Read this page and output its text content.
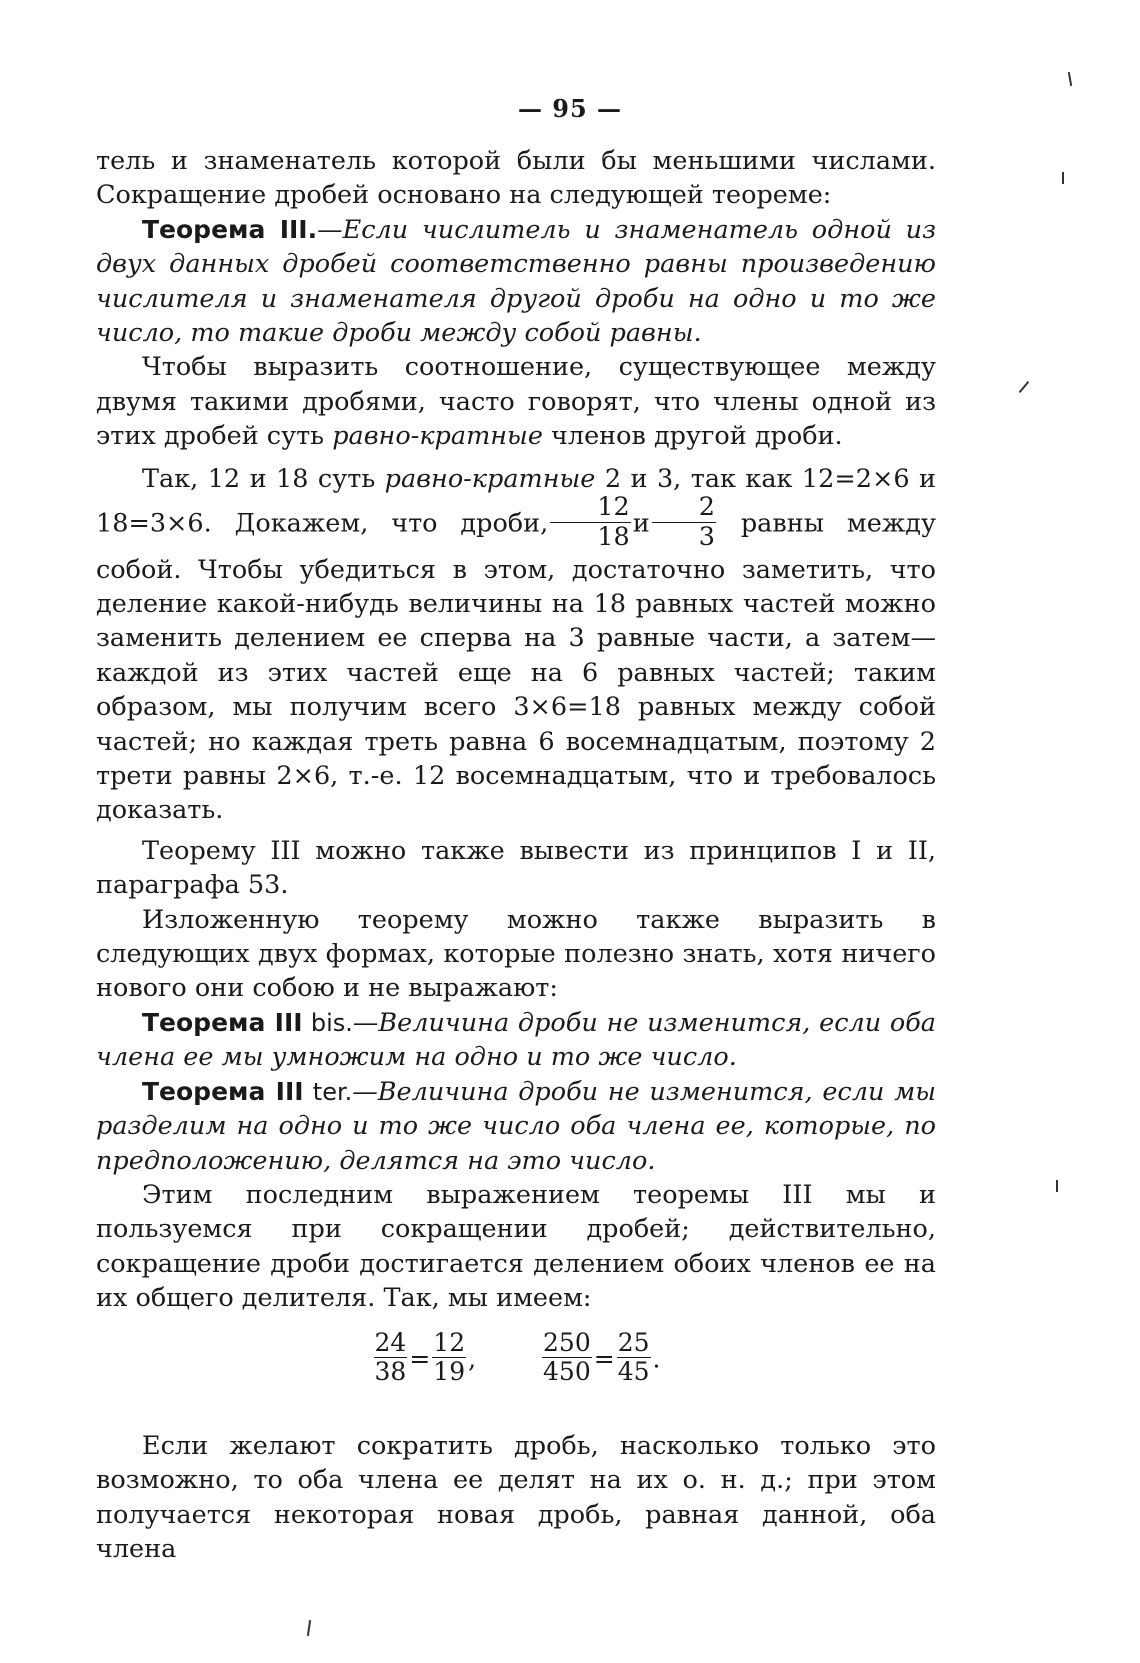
— 95 —

тель и знаменатель которой были бы меньшими числами. Сокращение дробей основано на следующей теореме:

Теорема III.—Если числитель и знаменатель одной из двух данных дробей соответственно равны произведению числителя и знаменателя другой дроби на одно и то же число, то такие дроби между собой равны.

Чтобы выразить соотношение, существующее между двумя такими дробями, часто говорят, что члены одной из этих дробей суть равно-кратные членов другой дроби.

Так, 12 и 18 суть равно-кратные 2 и 3, так как 12=2×6 и 18=3×6. Докажем, что дроби, $\frac{12}{18}$ и $\frac{2}{3}$ равны между собой. Чтобы убедиться в этом, достаточно заметить, что деление какой-нибудь величины на 18 равных частей можно заменить делением ее сперва на 3 равные части, а затем— каждой из этих частей еще на 6 равных частей; таким образом, мы получим всего 3×6=18 равных между собой частей; но каждая треть равна 6 восемнадцатым, поэтому 2 трети равны 2×6, т.-е. 12 восемнадцатым, что и требовалось доказать.

Теорему III можно также вывести из принципов I и II, параграфа 53.

Изложенную теорему можно также выразить в следующих двух формах, которые полезно знать, хотя ничего нового они собою и не выражают:

Теорема III bis.—Величина дроби не изменится, если оба члена ее мы умножим на одно и то же число.

Теорема III ter.—Величина дроби не изменится, если мы разделим на одно и то же число оба члена ее, которые, по предположению, делятся на это число.

Этим последним выражением теоремы III мы и пользуемся при сокращении дробей; действительно, сокращение дроби достигается делением обоих членов ее на их общего делителя. Так, мы имеем:

$\frac{24}{38} = \frac{12}{19}$ ,	$\frac{250}{450} = \frac{25}{45}$ .

Если желают сократить дробь, насколько только это возможно, то оба члена ее делят на их о. н. д.; при этом получается некоторая новая дробь, равная данной, оба члена
